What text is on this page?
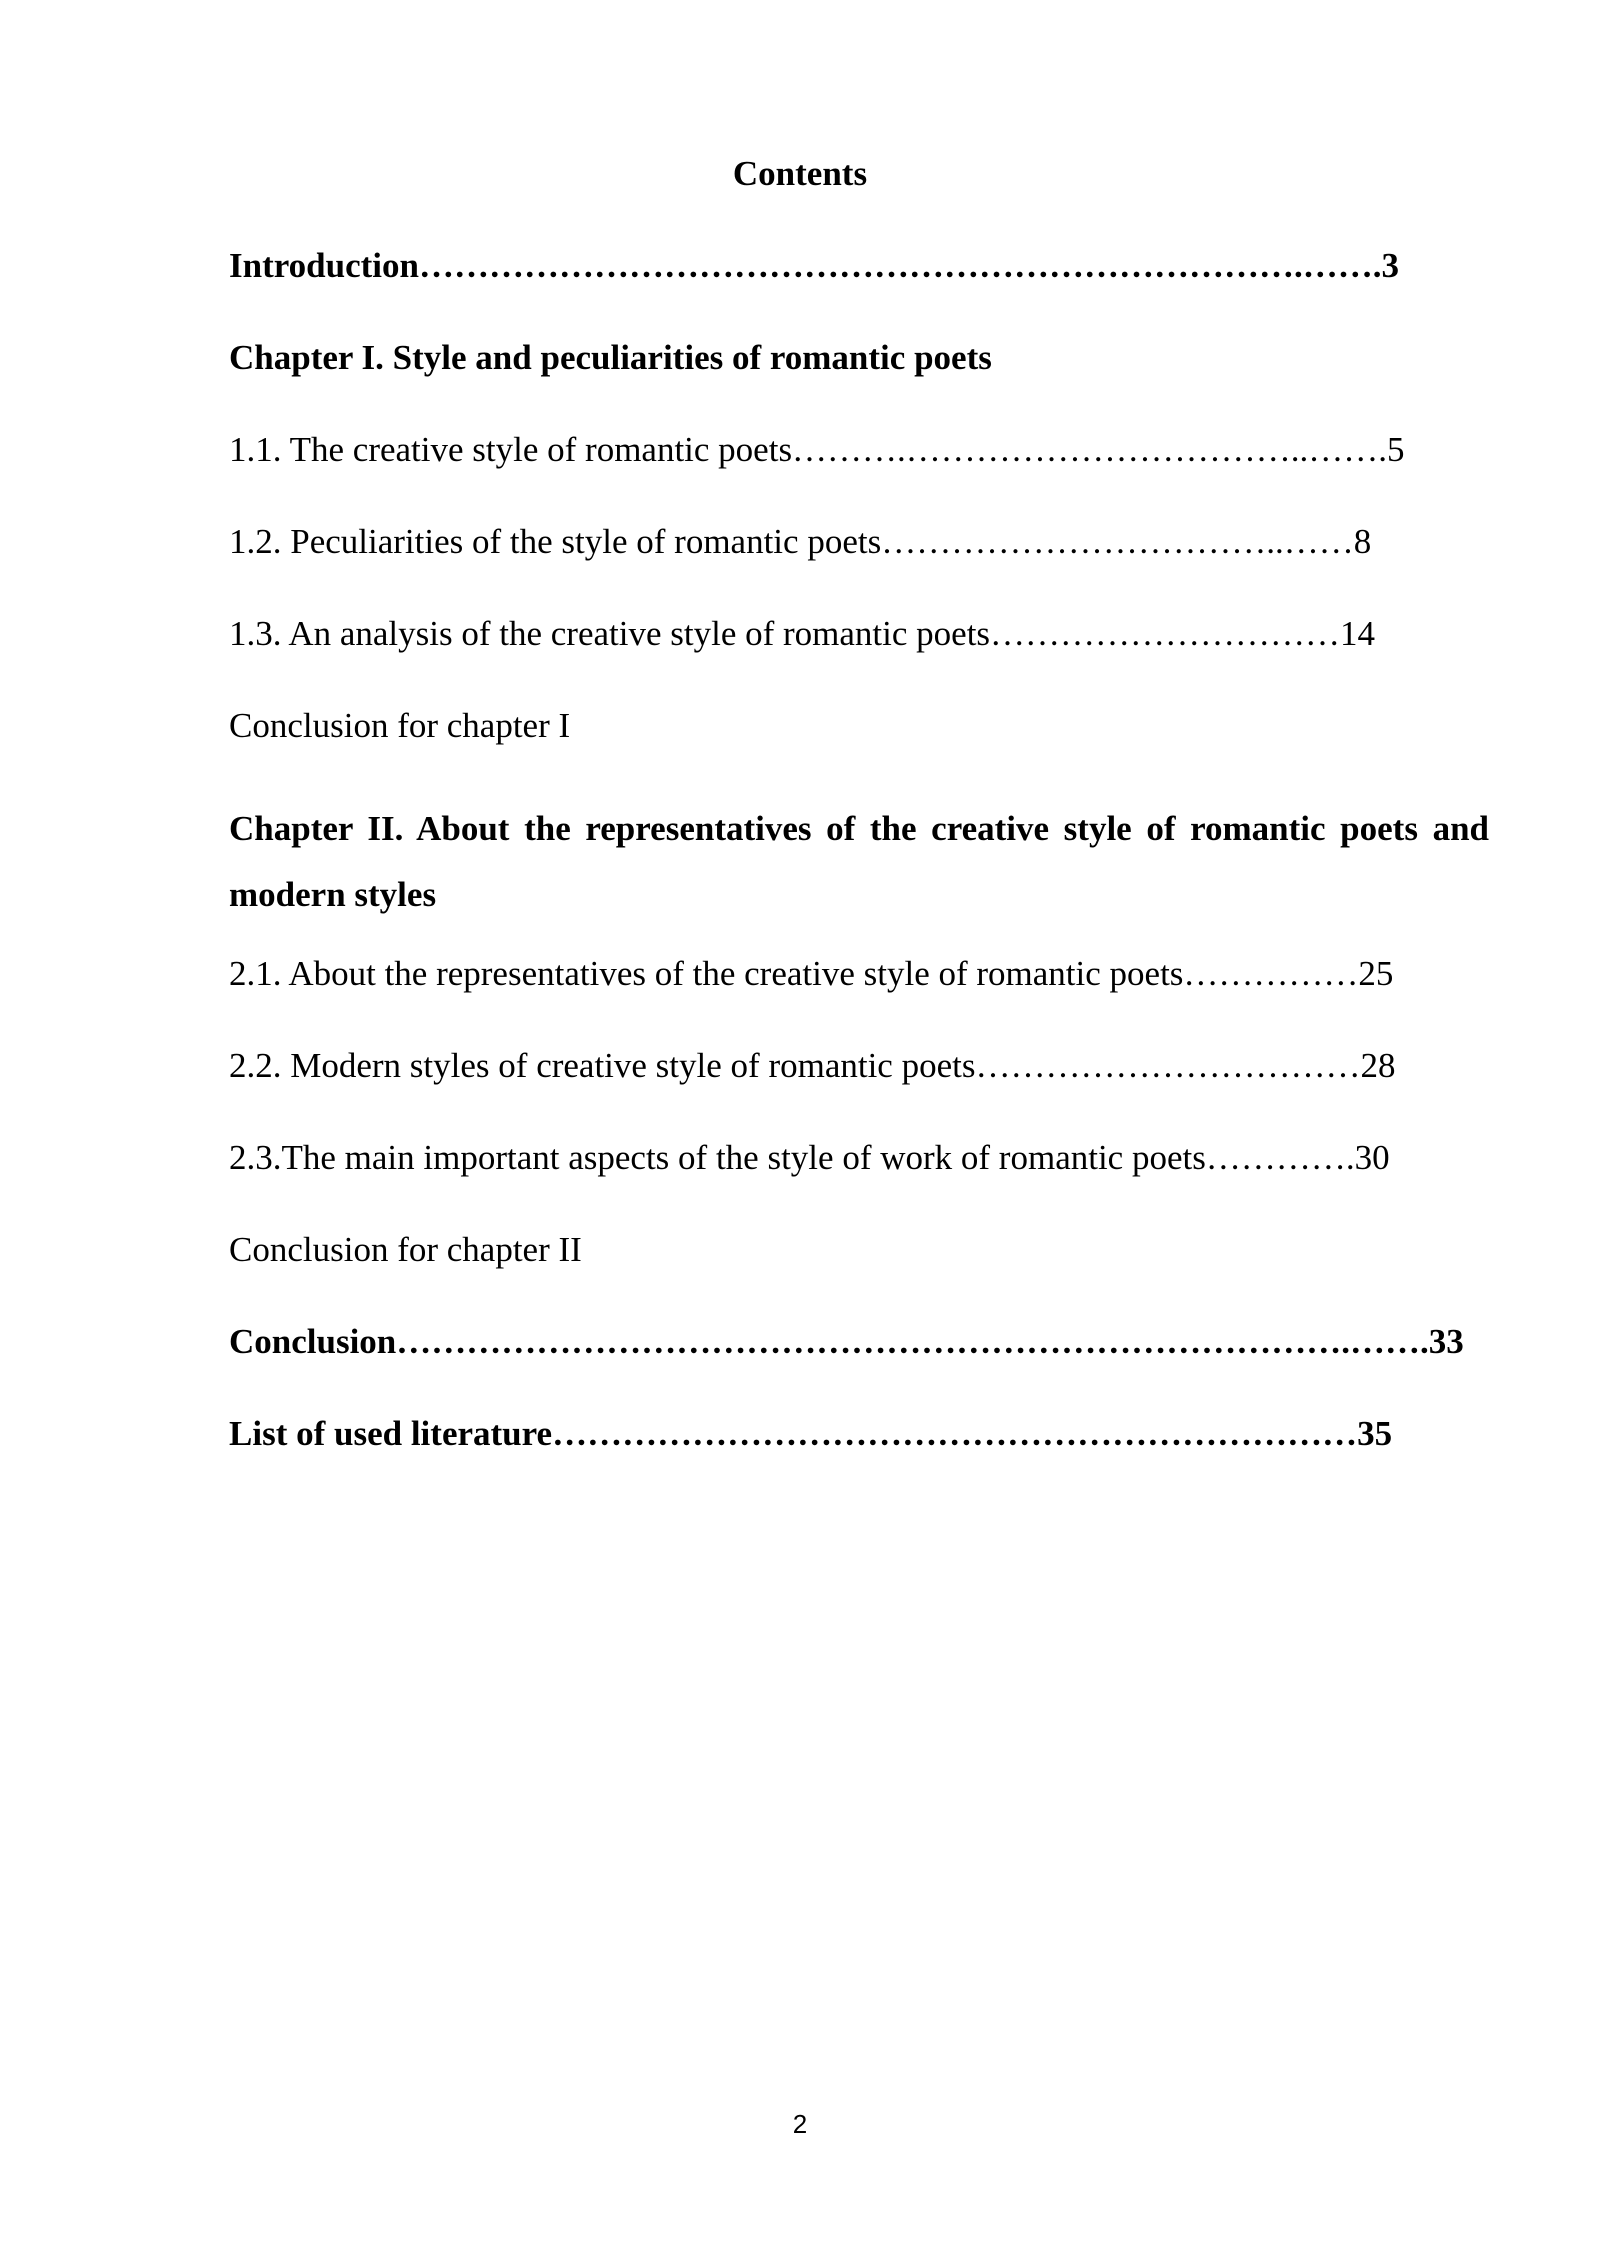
Contents
Introduction………………………………………………………………….…….3
Chapter I. Style and peculiarities of romantic poets
1.1. The creative style of romantic poets……….……………………………..…….5
1.2. Peculiarities of the style of romantic poets……………………………..……8
1.3. An analysis of the creative style of romantic poets…………………………14
Conclusion for chapter I
Chapter II. About the representatives of the creative style of romantic poets and modern styles
2.1. About the representatives of the creative style of romantic poets……………25
2.2. Modern styles of creative style of romantic poets……………………………28
2.3.The main important aspects of the style of work of romantic poets………….30
Conclusion for chapter II
Conclusion……………………………………………………………………….…….33
List of used literature……………………………………………………………35
2
